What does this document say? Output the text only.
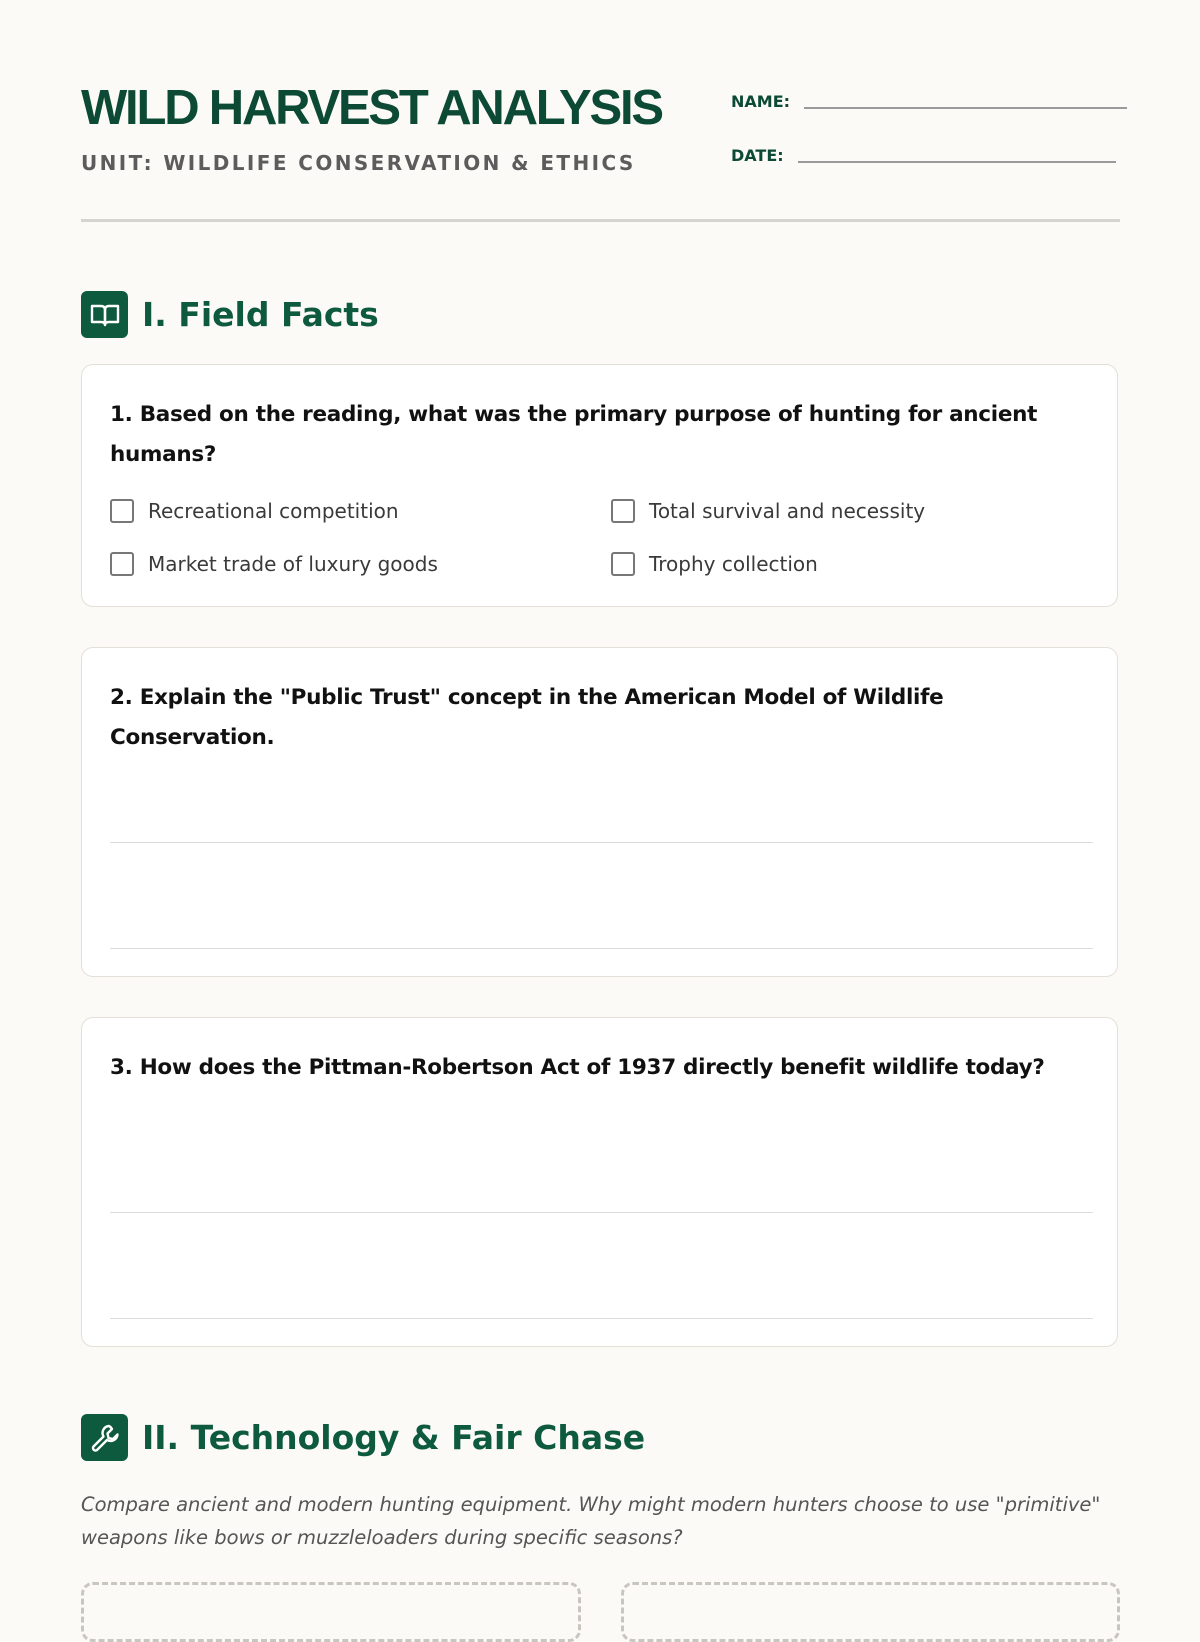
WILD HARVEST ANALYSIS
UNIT: WILDLIFE CONSERVATION & ETHICS
NAME:
DATE:
I. Field Facts

1. Based on the reading, what was the primary purpose of hunting for ancient humans?

Recreational competition	Total survival and necessity
Market trade of luxury goods	Trophy collection

2. Explain the "Public Trust" concept in the American Model of Wildlife Conservation.

3. How does the Pittman-Robertson Act of 1937 directly benefit wildlife today?

II. Technology & Fair Chase

Compare ancient and modern hunting equipment. Why might modern hunters choose to use "primitive" weapons like bows or muzzleloaders during specific seasons?
